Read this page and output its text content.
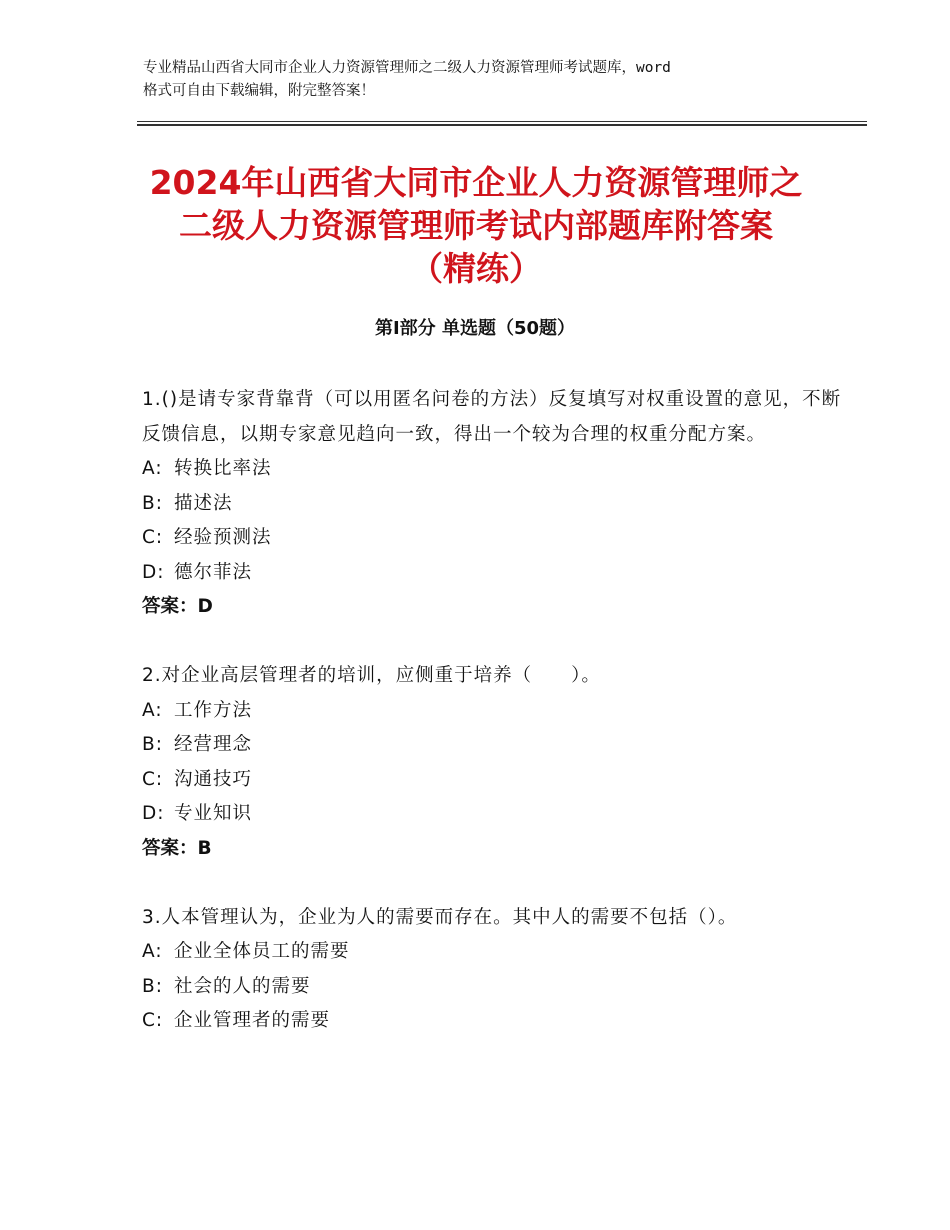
专业精品山西省大同市企业人力资源管理师之二级人力资源管理师考试题库，word
格式可自由下载编辑，附完整答案！
2024年山西省大同市企业人力资源管理师之
二级人力资源管理师考试内部题库附答案
（精练）
第I部分 单选题（50题）
1.()是请专家背靠背（可以用匿名问卷的方法）反复填写对权重设置的意见，不断反馈信息，以期专家意见趋向一致，得出一个较为合理的权重分配方案。
A: 转换比率法
B: 描述法
C: 经验预测法
D: 德尔菲法
答案：D
2.对企业高层管理者的培训，应侧重于培养（　　）。
A: 工作方法
B: 经营理念
C: 沟通技巧
D: 专业知识
答案：B
3.人本管理认为，企业为人的需要而存在。其中人的需要不包括（）。
A: 企业全体员工的需要
B: 社会的人的需要
C: 企业管理者的需要
